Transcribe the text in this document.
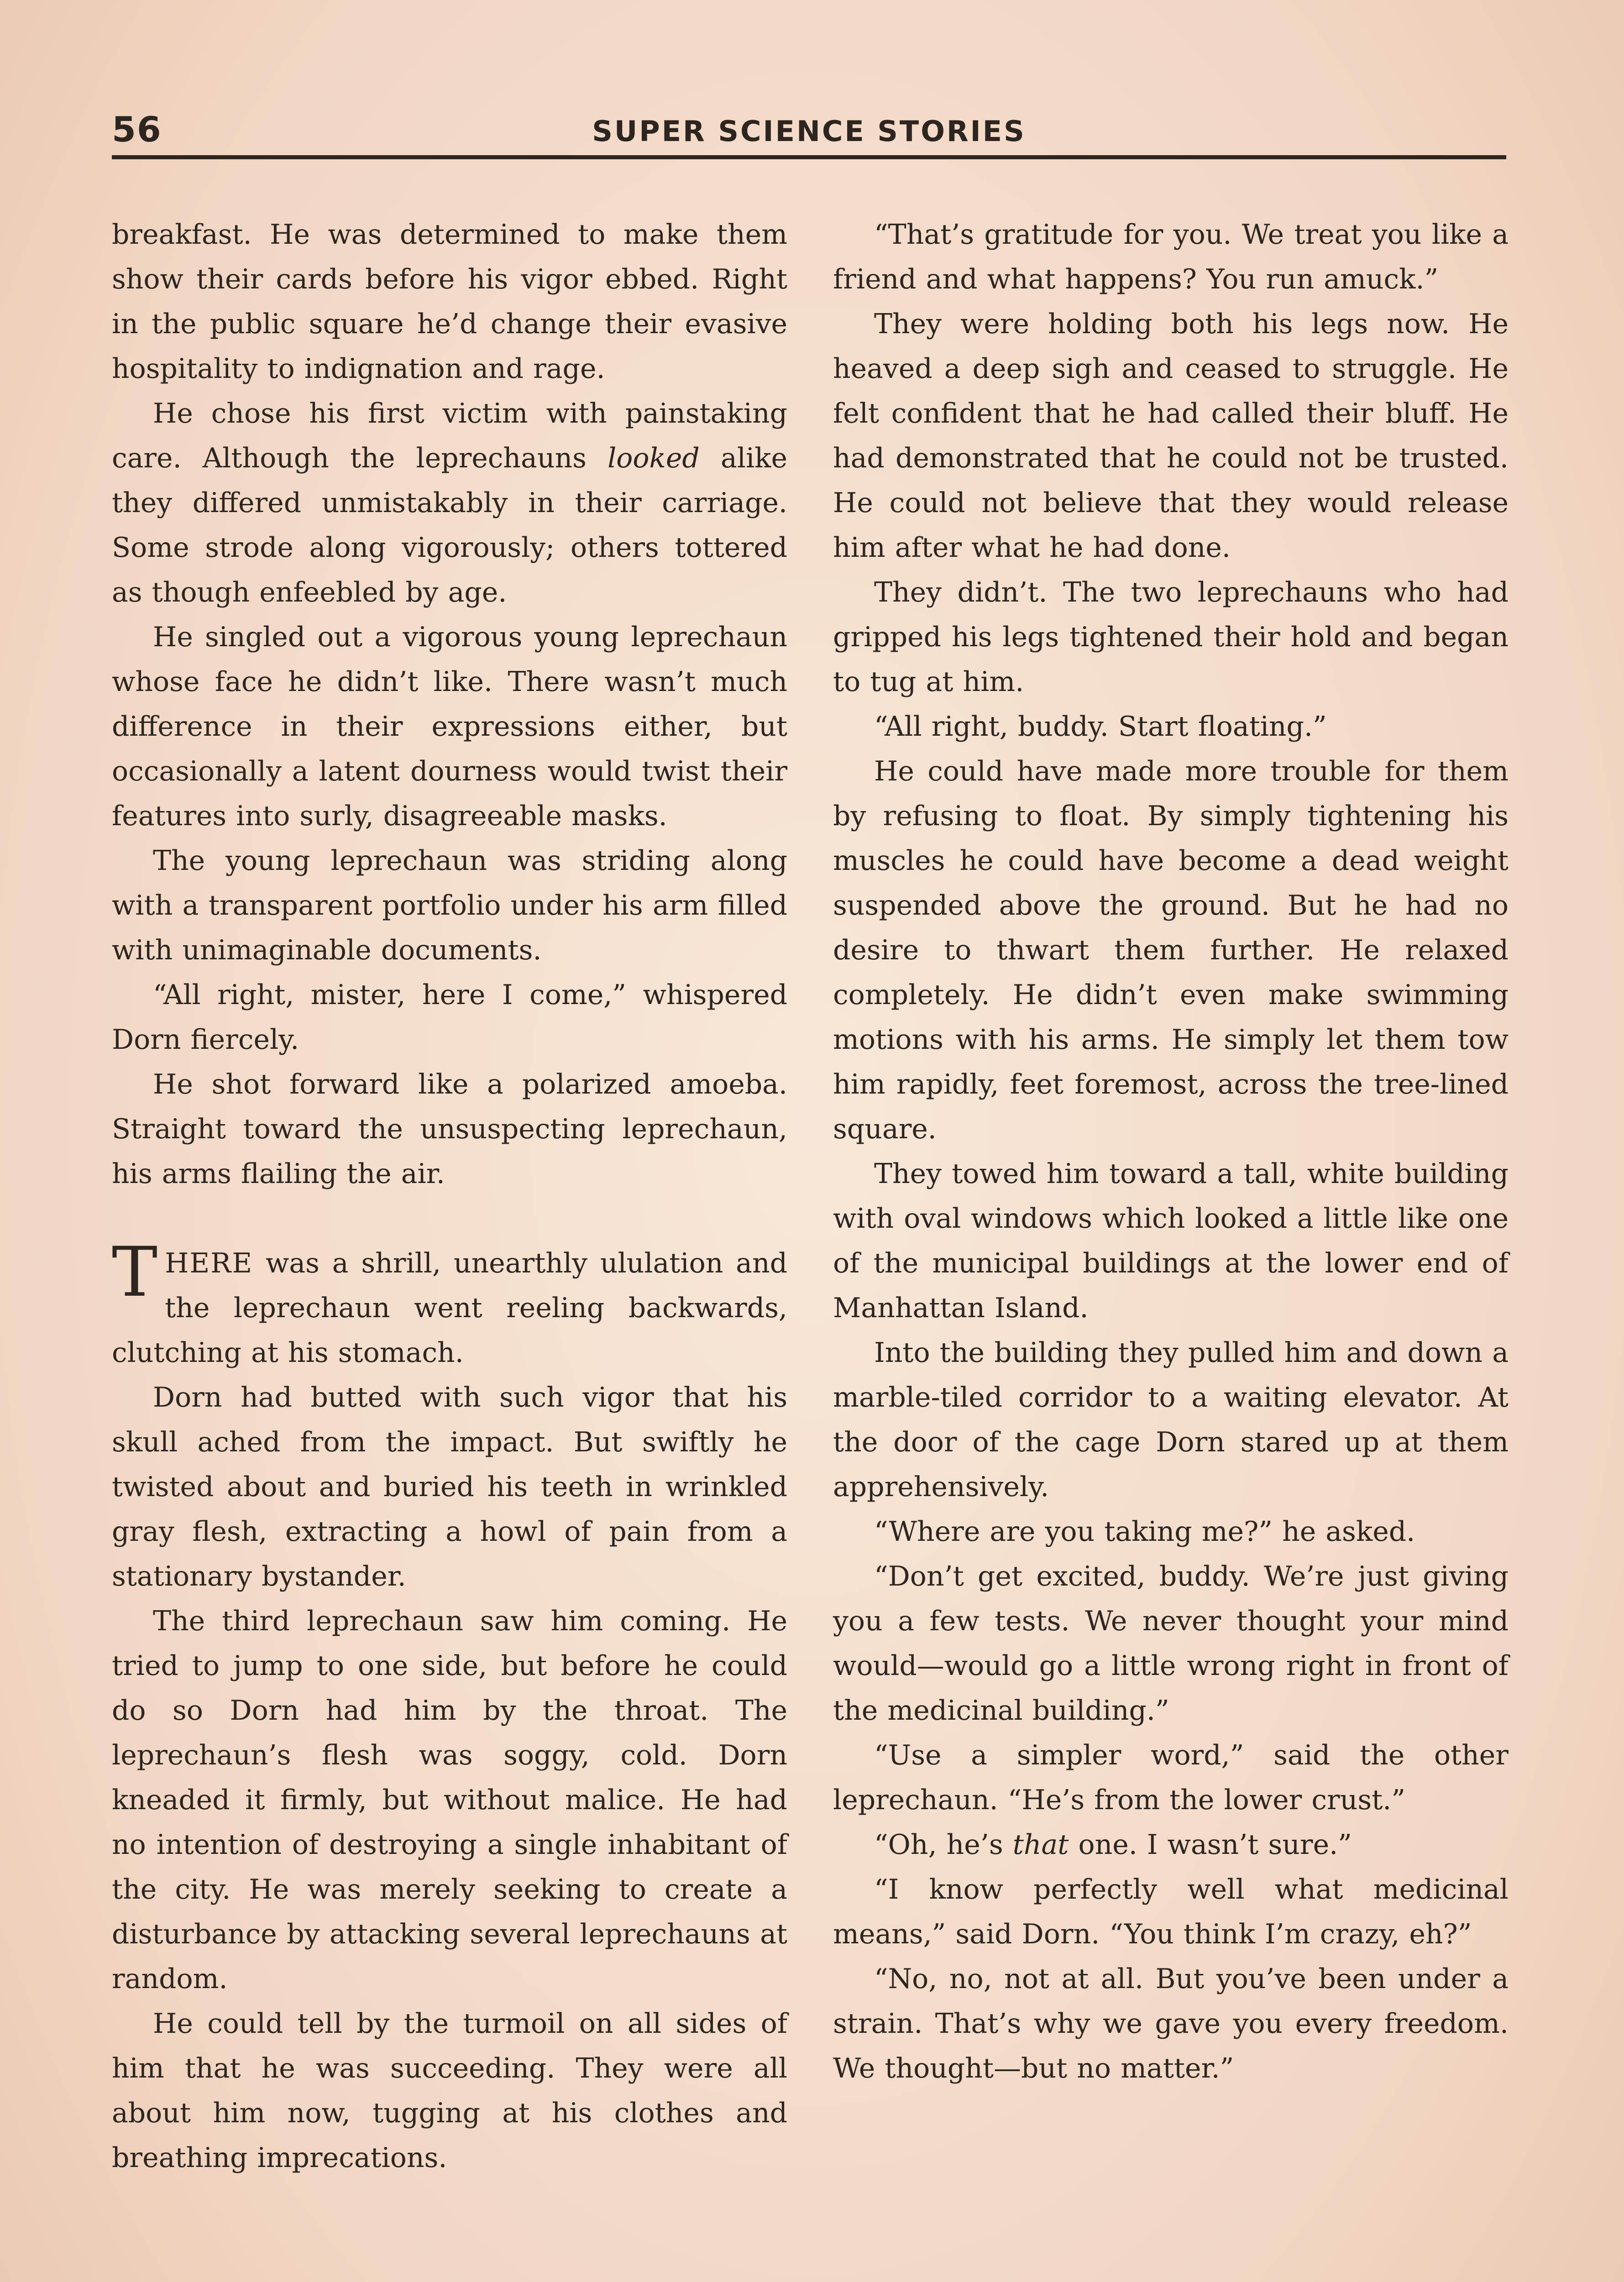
56	SUPER SCIENCE STORIES

breakfast. He was determined to make them show their cards before his vigor ebbed. Right in the public square he’d change their evasive hospitality to indignation and rage.

He chose his first victim with painstaking care. Although the leprechauns looked alike they differed unmistakably in their carriage. Some strode along vigorously; others tottered as though enfeebled by age.

He singled out a vigorous young leprechaun whose face he didn’t like. There wasn’t much difference in their expressions either, but occasionally a latent dourness would twist their features into surly, disagreeable masks.

The young leprechaun was striding along with a transparent portfolio under his arm filled with unimaginable documents.

“All right, mister, here I come,” whispered Dorn fiercely.

He shot forward like a polarized amoeba. Straight toward the unsuspecting leprechaun, his arms flailing the air.

THERE was a shrill, unearthly ululation and the leprechaun went reeling backwards, clutching at his stomach.

Dorn had butted with such vigor that his skull ached from the impact. But swiftly he twisted about and buried his teeth in wrinkled gray flesh, extracting a howl of pain from a stationary bystander.

The third leprechaun saw him coming. He tried to jump to one side, but before he could do so Dorn had him by the throat. The leprechaun’s flesh was soggy, cold. Dorn kneaded it firmly, but without malice. He had no intention of destroying a single inhabitant of the city. He was merely seeking to create a disturbance by attacking several leprechauns at random.

He could tell by the turmoil on all sides of him that he was succeeding. They were all about him now, tugging at his clothes and breathing imprecations.

“That’s gratitude for you. We treat you like a friend and what happens? You run amuck.”

They were holding both his legs now. He heaved a deep sigh and ceased to struggle. He felt confident that he had called their bluff. He had demonstrated that he could not be trusted. He could not believe that they would release him after what he had done.

They didn’t. The two leprechauns who had gripped his legs tightened their hold and began to tug at him.

“All right, buddy. Start floating.”

He could have made more trouble for them by refusing to float. By simply tightening his muscles he could have become a dead weight suspended above the ground. But he had no desire to thwart them further. He relaxed completely. He didn’t even make swimming motions with his arms. He simply let them tow him rapidly, feet foremost, across the tree-lined square.

They towed him toward a tall, white building with oval windows which looked a little like one of the municipal buildings at the lower end of Manhattan Island.

Into the building they pulled him and down a marble-tiled corridor to a waiting elevator. At the door of the cage Dorn stared up at them apprehensively.

“Where are you taking me?” he asked.

“Don’t get excited, buddy. We’re just giving you a few tests. We never thought your mind would—would go a little wrong right in front of the medicinal building.”

“Use a simpler word,” said the other leprechaun. “He’s from the lower crust.”

“Oh, he’s that one. I wasn’t sure.”

“I know perfectly well what medicinal means,” said Dorn. “You think I’m crazy, eh?”

“No, no, not at all. But you’ve been under a strain. That’s why we gave you every freedom. We thought—but no matter.”
